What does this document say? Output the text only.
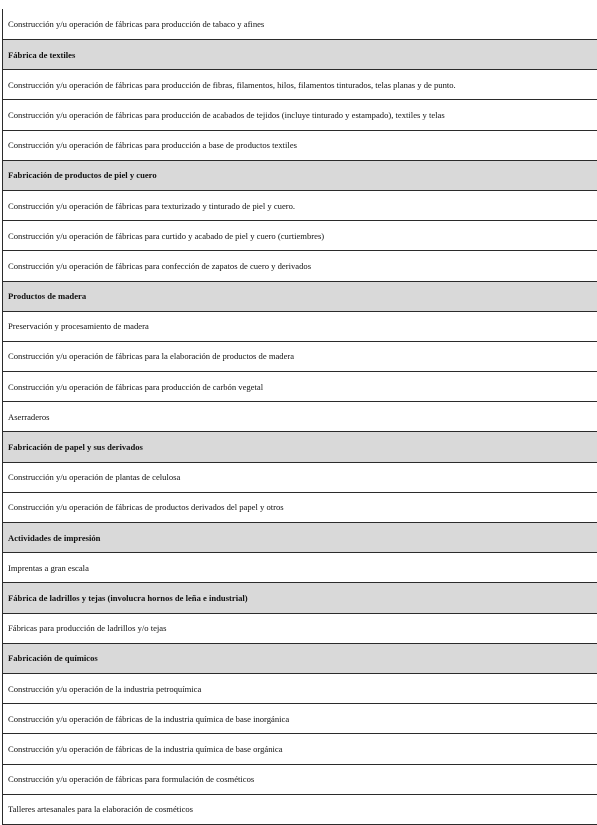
Construcción y/u operación de fábricas para producción de tabaco y afines
Fábrica de textiles
Construcción y/u operación de fábricas para producción de fibras, filamentos, hilos, filamentos tinturados, telas planas y de punto.
Construcción y/u operación de fábricas para producción de acabados de tejidos (incluye tinturado y estampado), textiles y telas
Construcción y/u operación de fábricas para producción a base de productos textiles
Fabricación de productos de piel y cuero
Construcción y/u operación de fábricas para texturizado y tinturado de piel y cuero.
Construcción y/u operación de fábricas para curtido y acabado de piel y cuero (curtiembres)
Construcción y/u operación de fábricas para confección de zapatos de cuero y derivados
Productos de madera
Preservación y procesamiento de madera
Construcción y/u operación de fábricas para la elaboración de productos de madera
Construcción y/u operación de fábricas para producción de carbón vegetal
Aserraderos
Fabricación de papel y sus derivados
Construcción y/u operación de plantas de celulosa
Construcción y/u operación de fábricas de productos derivados del papel y otros
Actividades de impresión
Imprentas a gran escala
Fábrica de ladrillos y tejas (involucra hornos de leña e industrial)
Fábricas para producción de ladrillos y/o tejas
Fabricación de químicos
Construcción y/u operación de la industria petroquímica
Construcción y/u operación de fábricas de la industria química de base inorgánica
Construcción y/u operación de fábricas de la industria química de base orgánica
Construcción y/u operación de fábricas para formulación de cosméticos
Talleres artesanales para la elaboración de cosméticos
